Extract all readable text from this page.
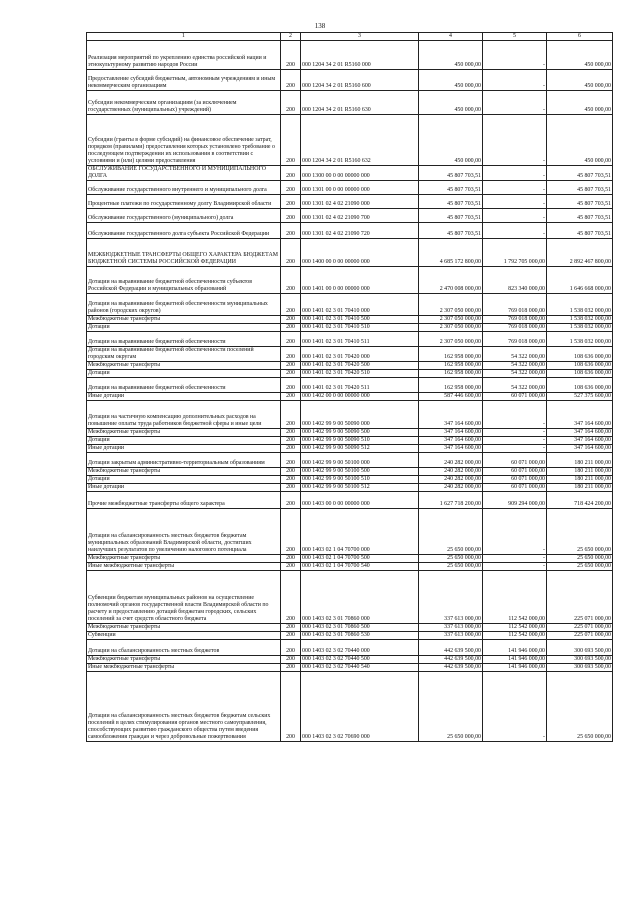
138
1	2	3	4	5	6
Реализация мероприятий по укреплению единства российской нации и этнокультурному развитию народов России	200	000 1204 34 2 01 R5160 000	450 000,00	-	450 000,00
Предоставление субсидий бюджетным, автономным учреждениям и иным некоммерческим организациям	200	000 1204 34 2 01 R5160 600	450 000,00	-	450 000,00
Субсидии некоммерческим организациям (за исключением государственных (муниципальных) учреждений)	200	000 1204 34 2 01 R5160 630	450 000,00	-	450 000,00
Субсидии (гранты в форме субсидий) на финансовое обеспечение затрат, порядком (правилами) предоставления которых установлено требование о последующем подтверждении их использования в соответствии с условиями и (или) целями предоставления	200	000 1204 34 2 01 R5160 632	450 000,00	-	450 000,00
ОБСЛУЖИВАНИЕ ГОСУДАРСТВЕННОГО И МУНИЦИПАЛЬНОГО ДОЛГА	200	000 1300 00 0 00 00000 000	45 807 703,51	-	45 807 703,51
Обслуживание государственного внутреннего и муниципального долга	200	000 1301 00 0 00 00000 000	45 807 703,51	-	45 807 703,51
Процентные платежи по государственному долгу Владимирской области	200	000 1301 02 4 02 21090 000	45 807 703,51	-	45 807 703,51
Обслуживание государственного (муниципального) долга	200	000 1301 02 4 02 21090 700	45 807 703,51	-	45 807 703,51
Обслуживание государственного долга субъекта Российской Федерации	200	000 1301 02 4 02 21090 720	45 807 703,51	-	45 807 703,51
МЕЖБЮДЖЕТНЫЕ ТРАНСФЕРТЫ ОБЩЕГО ХАРАКТЕРА БЮДЖЕТАМ БЮДЖЕТНОЙ СИСТЕМЫ РОССИЙСКОЙ ФЕДЕРАЦИИ	200	000 1400 00 0 00 00000 000	4 685 172 800,00	1 792 705 000,00	2 892 467 800,00
Дотации на выравнивание бюджетной обеспеченности субъектов Российской Федерации и муниципальных образований	200	000 1401 00 0 00 00000 000	2 470 008 000,00	823 340 000,00	1 646 668 000,00
Дотации на выравнивание бюджетной обеспеченности муниципальных районов (городских округов)	200	000 1401 02 3 01 70410 000	2 307 050 000,00	769 018 000,00	1 538 032 000,00
Межбюджетные трансферты	200	000 1401 02 3 01 70410 500	2 307 050 000,00	769 018 000,00	1 538 032 000,00
Дотации	200	000 1401 02 3 01 70410 510	2 307 050 000,00	769 018 000,00	1 538 032 000,00
Дотации на выравнивание бюджетной обеспеченности	200	000 1401 02 3 01 70410 511	2 307 050 000,00	769 018 000,00	1 538 032 000,00
Дотации на выравнивание бюджетной обеспеченности поселений городским округам	200	000 1401 02 3 01 70420 000	162 958 000,00	54 322 000,00	108 636 000,00
Межбюджетные трансферты	200	000 1401 02 3 01 70420 500	162 958 000,00	54 322 000,00	108 636 000,00
Дотации	200	000 1401 02 3 01 70420 510	162 958 000,00	54 322 000,00	108 636 000,00
Дотации на выравнивание бюджетной обеспеченности	200	000 1401 02 3 01 70420 511	162 958 000,00	54 322 000,00	108 636 000,00
Иные дотации	200	000 1402 00 0 00 00000 000	587 446 600,00	60 071 000,00	527 375 600,00
Дотации на частичную компенсацию дополнительных расходов на повышение оплаты труда работников бюджетной сферы и иные цели	200	000 1402 99 9 00 50090 000	347 164 600,00	-	347 164 600,00
Межбюджетные трансферты	200	000 1402 99 9 00 50090 500	347 164 600,00	-	347 164 600,00
Дотации	200	000 1402 99 9 00 50090 510	347 164 600,00	-	347 164 600,00
Иные дотации	200	000 1402 99 9 00 50090 512	347 164 600,00	-	347 164 600,00
Дотации закрытым административно-территориальным образованиям	200	000 1402 99 9 00 50100 000	240 282 000,00	60 071 000,00	180 211 000,00
Межбюджетные трансферты	200	000 1402 99 9 00 50100 500	240 282 000,00	60 071 000,00	180 211 000,00
Дотации	200	000 1402 99 9 00 50100 510	240 282 000,00	60 071 000,00	180 211 000,00
Иные дотации	200	000 1402 99 9 00 50100 512	240 282 000,00	60 071 000,00	180 211 000,00
Прочие межбюджетные трансферты общего характера	200	000 1403 00 0 00 00000 000	1 627 718 200,00	909 294 000,00	718 424 200,00
Дотации на сбалансированность местных бюджетов бюджетам муниципальных образований Владимирской области, достигших наилучших результатов по увеличению налогового потенциала	200	000 1403 02 1 04 70700 000	25 650 000,00	-	25 650 000,00
Межбюджетные трансферты	200	000 1403 02 1 04 70700 500	25 650 000,00	-	25 650 000,00
Иные межбюджетные трансферты	200	000 1403 02 1 04 70700 540	25 650 000,00	-	25 650 000,00
Субвенции бюджетам муниципальных районов на осуществление полномочий органов государственной власти Владимирской области по расчету и предоставлению дотаций бюджетам городских, сельских поселений за счет средств областного бюджета	200	000 1403 02 3 01 70860 000	337 613 000,00	112 542 000,00	225 071 000,00
Межбюджетные трансферты	200	000 1403 02 3 01 70860 500	337 613 000,00	112 542 000,00	225 071 000,00
Субвенции	200	000 1403 02 3 01 70860 530	337 613 000,00	112 542 000,00	225 071 000,00
Дотации на сбалансированность местных бюджетов	200	000 1403 02 3 02 70440 000	442 639 500,00	141 946 000,00	300 693 500,00
Межбюджетные трансферты	200	000 1403 02 3 02 70440 500	442 639 500,00	141 946 000,00	300 693 500,00
Иные межбюджетные трансферты	200	000 1403 02 3 02 70440 540	442 639 500,00	141 946 000,00	300 693 500,00
Дотации на сбалансированность местных бюджетов бюджетам сельских поселений в целях стимулирования органов местного самоуправления, способствующих развитию гражданского общества путем введения самообложения граждан и через добровольные пожертвования	200	000 1403 02 3 02 70690 000	25 650 000,00	-	25 650 000,00
